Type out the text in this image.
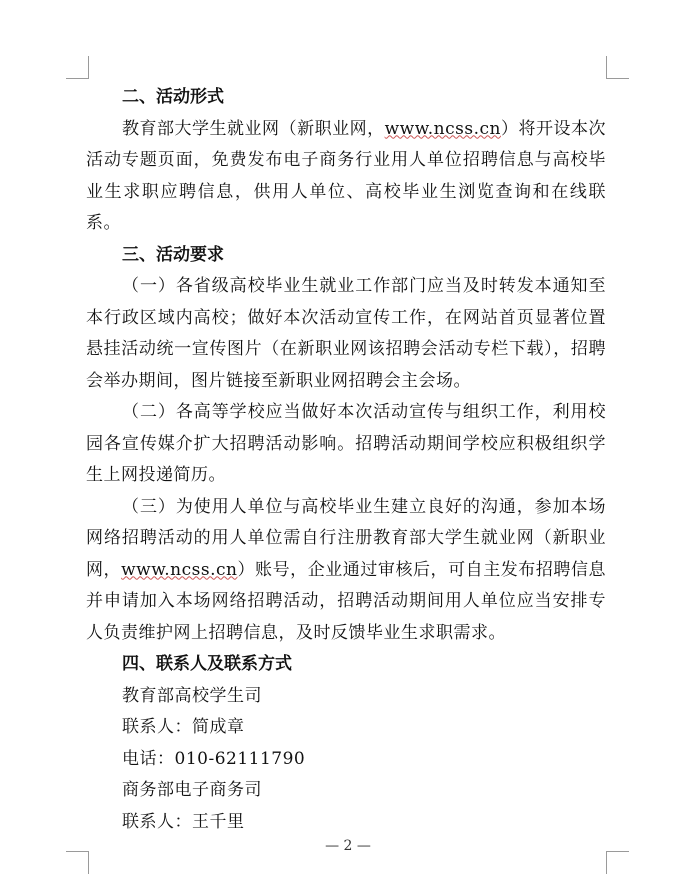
二、活动形式

教育部大学生就业网（新职业网，www.ncss.cn）将开设本次活动专题页面，免费发布电子商务行业用人单位招聘信息与高校毕业生求职应聘信息，供用人单位、高校毕业生浏览查询和在线联系。

三、活动要求

（一）各省级高校毕业生就业工作部门应当及时转发本通知至本行政区域内高校；做好本次活动宣传工作，在网站首页显著位置悬挂活动统一宣传图片（在新职业网该招聘会活动专栏下载），招聘会举办期间，图片链接至新职业网招聘会主会场。

（二）各高等学校应当做好本次活动宣传与组织工作，利用校园各宣传媒介扩大招聘活动影响。招聘活动期间学校应积极组织学生上网投递简历。

（三）为使用人单位与高校毕业生建立良好的沟通，参加本场网络招聘活动的用人单位需自行注册教育部大学生就业网（新职业网，www.ncss.cn）账号，企业通过审核后，可自主发布招聘信息并申请加入本场网络招聘活动，招聘活动期间用人单位应当安排专人负责维护网上招聘信息，及时反馈毕业生求职需求。

四、联系人及联系方式

教育部高校学生司

联系人：简成章

电话：010-62111790

商务部电子商务司

联系人：王千里

— 2 —
